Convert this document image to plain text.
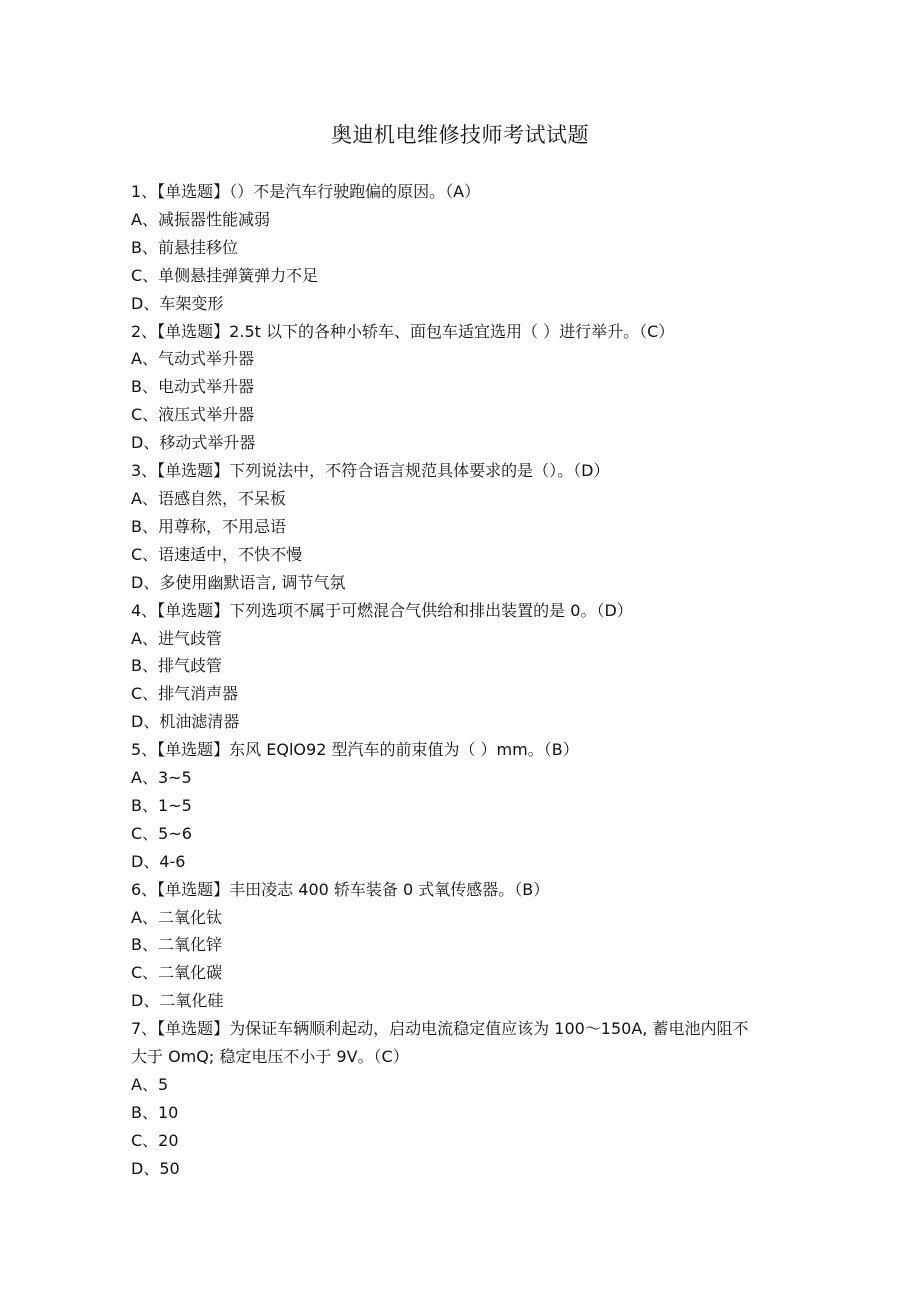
奥迪机电维修技师考试试题
1、【单选题】（）不是汽车行驶跑偏的原因。（A）
A、减振器性能减弱
B、前悬挂移位
C、单侧悬挂弹簧弹力不足
D、车架变形
2、【单选题】2.5t 以下的各种小轿车、面包车适宜选用（ ）进行举升。（C）
A、气动式举升器
B、电动式举升器
C、液压式举升器
D、移动式举升器
3、【单选题】下列说法中，不符合语言规范具体要求的是（）。（D）
A、语感自然，不呆板
B、用尊称，不用忌语
C、语速适中，不快不慢
D、多使用幽默语言, 调节气氛
4、【单选题】下列选项不属于可燃混合气供给和排出装置的是 0。（D）
A、进气歧管
B、排气歧管
C、排气消声器
D、机油滤清器
5、【单选题】东风 EQlO92 型汽车的前束值为（ ）mm。（B）
A、3~5
B、1~5
C、5~6
D、4-6
6、【单选题】丰田凌志 400 轿车装备 0 式氧传感器。（B）
A、二氧化钛
B、二氧化锌
C、二氧化碳
D、二氧化硅
7、【单选题】为保证车辆顺利起动，启动电流稳定值应该为 100～150A, 蓄电池内阻不
大于 OmQ; 稳定电压不小于 9V。（C）
A、5
B、10
C、20
D、50
